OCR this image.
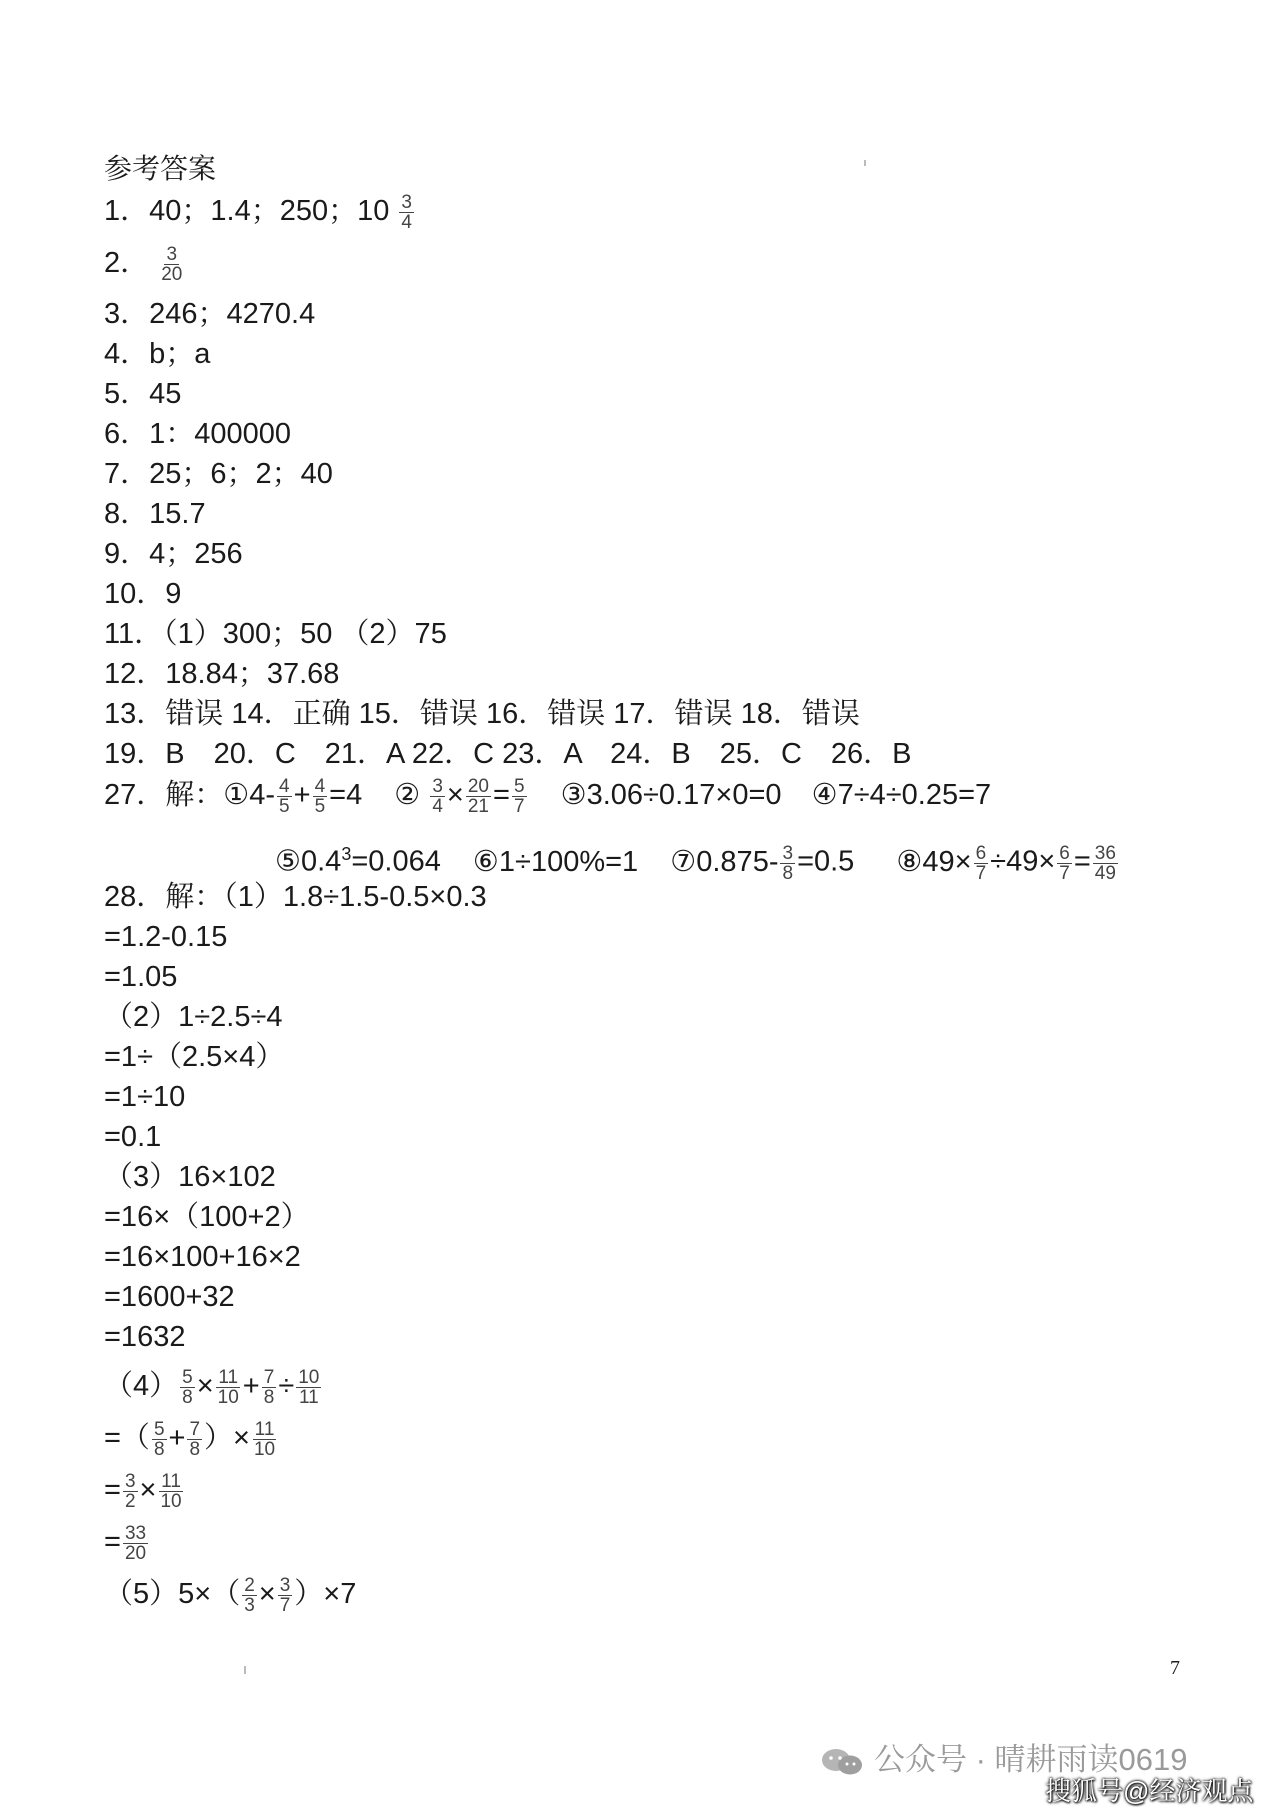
参考答案
1．40；1.4；250；$10 \frac{3}{4}$
2． $\frac{3}{20}$
3．246；4270.4
4．b；a
5．45
6．1：400000
7．25；6；2；40
8．15.7
9．4；256
10．9
11．（1）300；50 （2）75
12．18.84；37.68
13．错误 14．正确 15．错误 16．错误 17．错误 18．错误
19．B　20．C　21．A 22．C 23．A　24．B　25．C　26．B
27．解：①4- $\frac{4}{5} + \frac{4}{5} =4$ ② $\frac{3}{4} \times \frac{20}{21} = \frac{5}{7}$ ③3.06÷0.17×0=0 ④7÷4÷0.25=7
$⑤0.4^3=0.064$ ⑥1÷100%=1 ⑦0.875- $\frac{3}{8} =0.5$ ⑧49× $\frac{6}{7} \div 49\times \frac{6}{7} = \frac{36}{49}$
28．解：（1）1.8÷1.5-0.5×0.3
=1.2-0.15
=1.05
（2）1÷2.5÷4
=1÷（2.5×4）
=1÷10
=0.1
（3）16×102
=16×（100+2）
=16×100+16×2
=1600+32
=1632
$(4) \frac{5}{8} \times \frac{11}{10} + \frac{7}{8} \div \frac{10}{11}$
=（ $\frac{5}{8} + \frac{7}{8}$ ）× $\frac{11}{10}$
= $\frac{3}{2} \times \frac{11}{10}$
= $\frac{33}{20}$
$(5)5\times( \frac{2}{3} \times \frac{3}{7} )\times 7$
7
公众号 · 晴耕雨读0619
搜狐号@经济观点
